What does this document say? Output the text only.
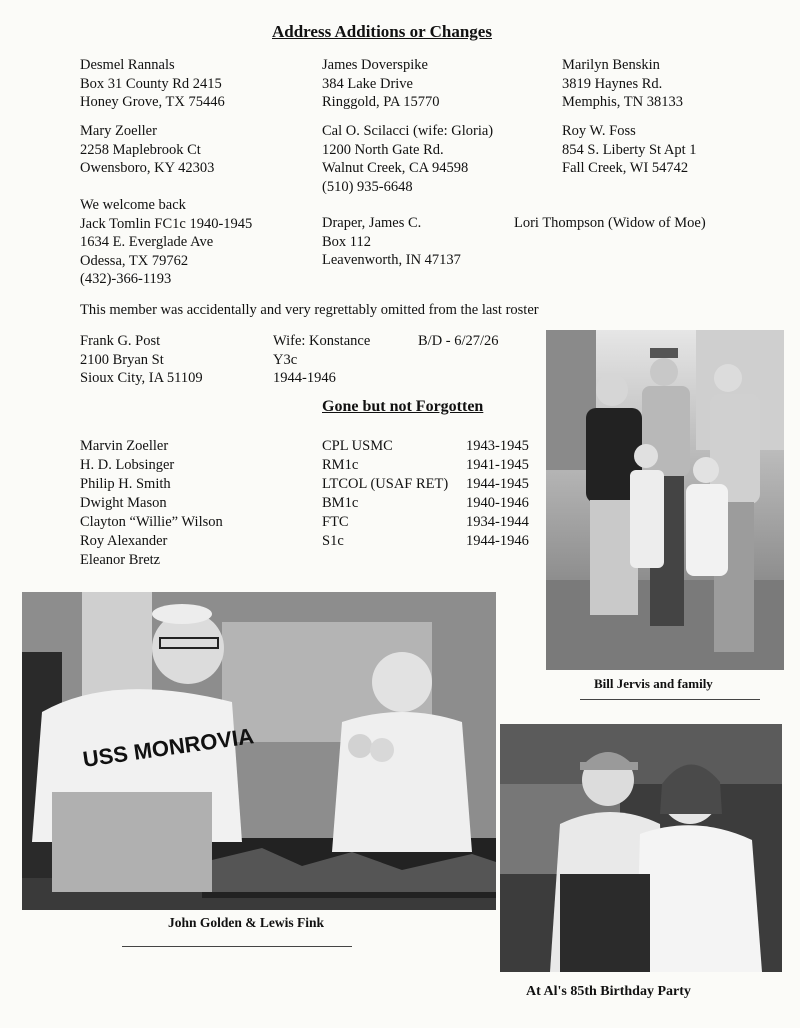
Address Additions or Changes
Desmel Rannals
Box 31 County Rd 2415
Honey Grove, TX 75446
James Doverspike
384 Lake Drive
Ringgold, PA 15770
Marilyn Benskin
3819 Haynes Rd.
Memphis, TN 38133
Mary Zoeller
2258 Maplebrook Ct
Owensboro, KY 42303
Cal O. Scilacci (wife: Gloria)
1200 North Gate Rd.
Walnut Creek, CA 94598
(510) 935-6648
Roy W. Foss
854 S. Liberty St Apt 1
Fall Creek, WI 54742
We welcome back
Jack Tomlin FC1c 1940-1945
1634 E. Everglade Ave
Odessa, TX 79762
(432)-366-1193
Draper, James C.
Box 112
Leavenworth, IN 47137
Lori Thompson (Widow of Moe)
This member was accidentally and very regrettably omitted from the last roster
Frank G. Post
2100 Bryan St
Sioux City, IA 51109
Wife: Konstance
Y3c
1944-1946
B/D - 6/27/26
Gone but not Forgotten
Marvin Zoeller	CPL USMC	1943-1945
H. D. Lobsinger	RM1c	1941-1945
Philip H. Smith	LTCOL (USAF RET) 1944-1945
Dwight Mason	BM1c	1940-1946
Clayton “Willie” Wilson	FTC	1934-1944
Roy Alexander	S1c	1944-1946
Eleanor Bretz
Bill Jervis and family
USS MONROVIA
John Golden & Lewis Fink
At Al's 85th Birthday Party
